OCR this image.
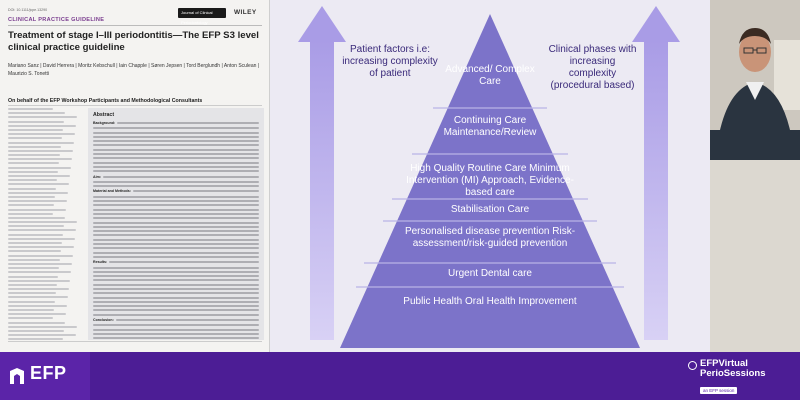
DOI: 10.1111/jcpe.13290
CLINICAL PRACTICE GUIDELINE
Journal of Clinical Periodontology
WILEY
Treatment of stage I–III periodontitis—The EFP S3 level clinical practice guideline
Mariano Sanz | David Herrera | Moritz Kebschull | Iain Chapple | Søren Jepsen | Tord Berglundh | Anton Sculean | Maurizio S. Tonetti
On behalf of the EFP Workshop Participants and Methodological Consultants
Abstract
Background:
Aim:
Material and Methods:
Results:
Conclusion:
Patient factors i.e: increasing complexity of patient
Clinical phases with increasing complexity (procedural based)
Advanced/ Complex Care
Continuing Care Maintenance/Review
High Quality Routine Care Minimum Intervention (MI) Approach, Evidence-based care
Stabilisation Care
Personalised disease prevention Risk-assessment/risk-guided prevention
Urgent Dental care
Public Health Oral Health Improvement
EFP	EFPVirtual
PerioSessions
an EFP session
